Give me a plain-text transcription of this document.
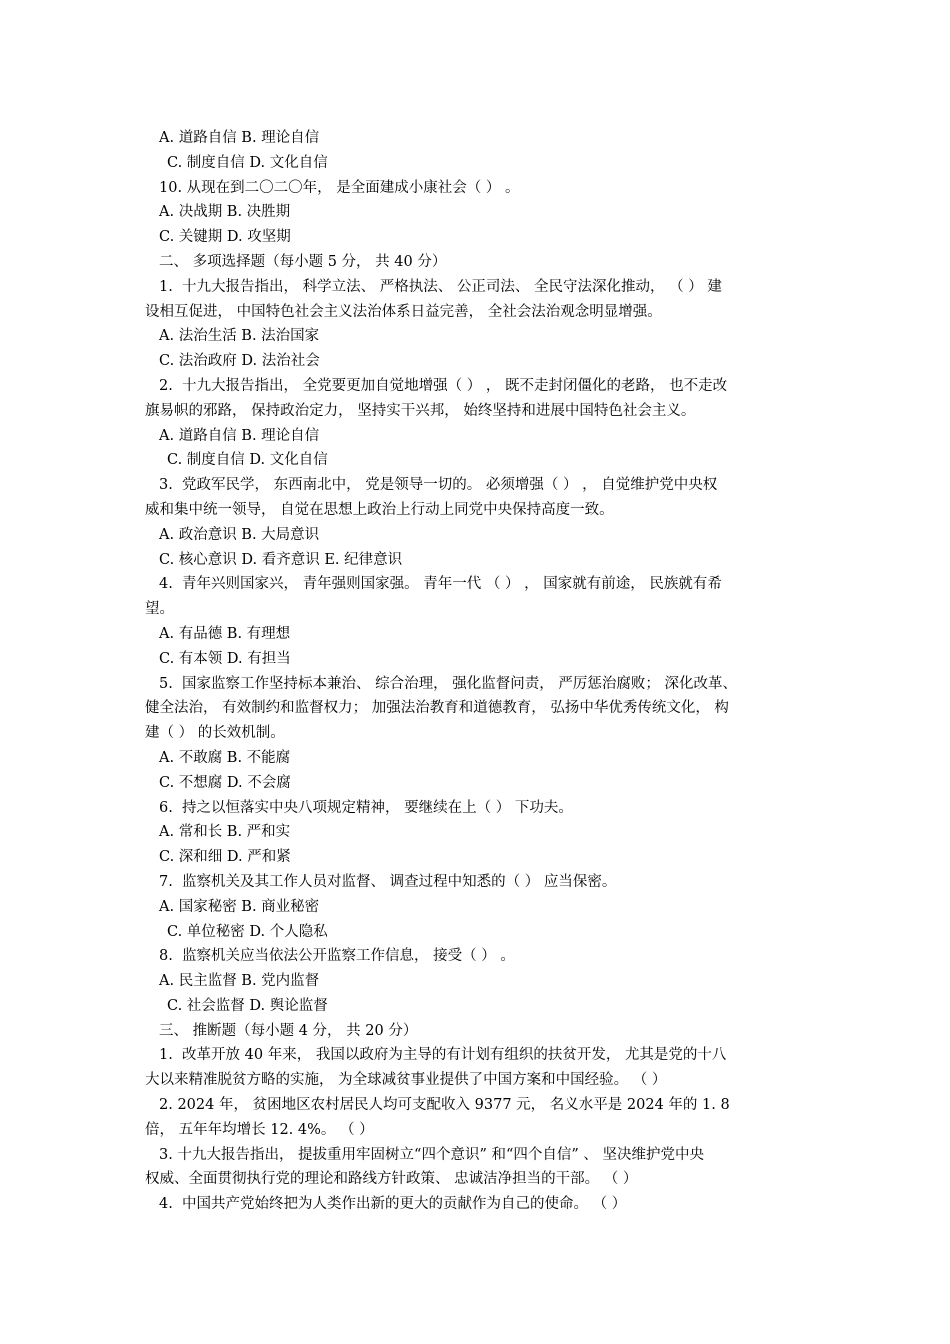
A. 道路自信 B. 理论自信
C. 制度自信 D. 文化自信
10. 从现在到二〇二〇年， 是全面建成小康社会（ ） 。
A. 决战期 B. 决胜期
C. 关键期 D. 攻坚期
二、 多项选择题（每小题 5 分， 共 40 分）
1.  十九大报告指出， 科学立法、 严格执法、 公正司法、 全民守法深化推动， （ ） 建
设相互促进， 中国特色社会主义法治体系日益完善， 全社会法治观念明显增强。
A. 法治生活 B. 法治国家
C. 法治政府 D. 法治社会
2.  十九大报告指出， 全党要更加自觉地增强（ ） ， 既不走封闭僵化的老路， 也不走改
旗易帜的邪路， 保持政治定力， 坚持实干兴邦， 始终坚持和进展中国特色社会主义。
A. 道路自信 B. 理论自信
C. 制度自信 D. 文化自信
3.  党政军民学， 东西南北中， 党是领导一切的。 必须增强（ ） ， 自觉维护党中央权
威和集中统一领导， 自觉在思想上政治上行动上同党中央保持高度一致。
A. 政治意识 B. 大局意识
C. 核心意识 D. 看齐意识 E. 纪律意识
4.  青年兴则国家兴， 青年强则国家强。 青年一代 （ ） ， 国家就有前途， 民族就有希
望。
A. 有品德 B. 有理想
C. 有本领 D. 有担当
5.  国家监察工作坚持标本兼治、 综合治理， 强化监督问责， 严厉惩治腐败； 深化改革、
健全法治， 有效制约和监督权力； 加强法治教育和道德教育， 弘扬中华优秀传统文化， 构
建（ ） 的长效机制。
A. 不敢腐 B. 不能腐
C. 不想腐 D. 不会腐
6.  持之以恒落实中央八项规定精神， 要继续在上（ ） 下功夫。
A. 常和长 B. 严和实
C. 深和细 D. 严和紧
7.  监察机关及其工作人员对监督、 调查过程中知悉的（ ） 应当保密。
A. 国家秘密 B. 商业秘密
C. 单位秘密 D. 个人隐私
8.  监察机关应当依法公开监察工作信息， 接受（ ） 。
A. 民主监督 B. 党内监督
C. 社会监督 D. 舆论监督
三、 推断题（每小题 4 分， 共 20 分）
1.  改革开放 40 年来， 我国以政府为主导的有计划有组织的扶贫开发， 尤其是党的十八
大以来精准脱贫方略的实施， 为全球减贫事业提供了中国方案和中国经验。 （ ）
2. 2024 年， 贫困地区农村居民人均可支配收入 9377 元， 名义水平是 2024 年的 1. 8
倍， 五年年均增长 12. 4%。 （ ）
3. 十九大报告指出， 提拔重用牢固树立“四个意识” 和“四个自信” 、 坚决维护党中央
权威、全面贯彻执行党的理论和路线方针政策、 忠诚洁净担当的干部。 （ ）
4.  中国共产党始终把为人类作出新的更大的贡献作为自己的使命。 （ ）
